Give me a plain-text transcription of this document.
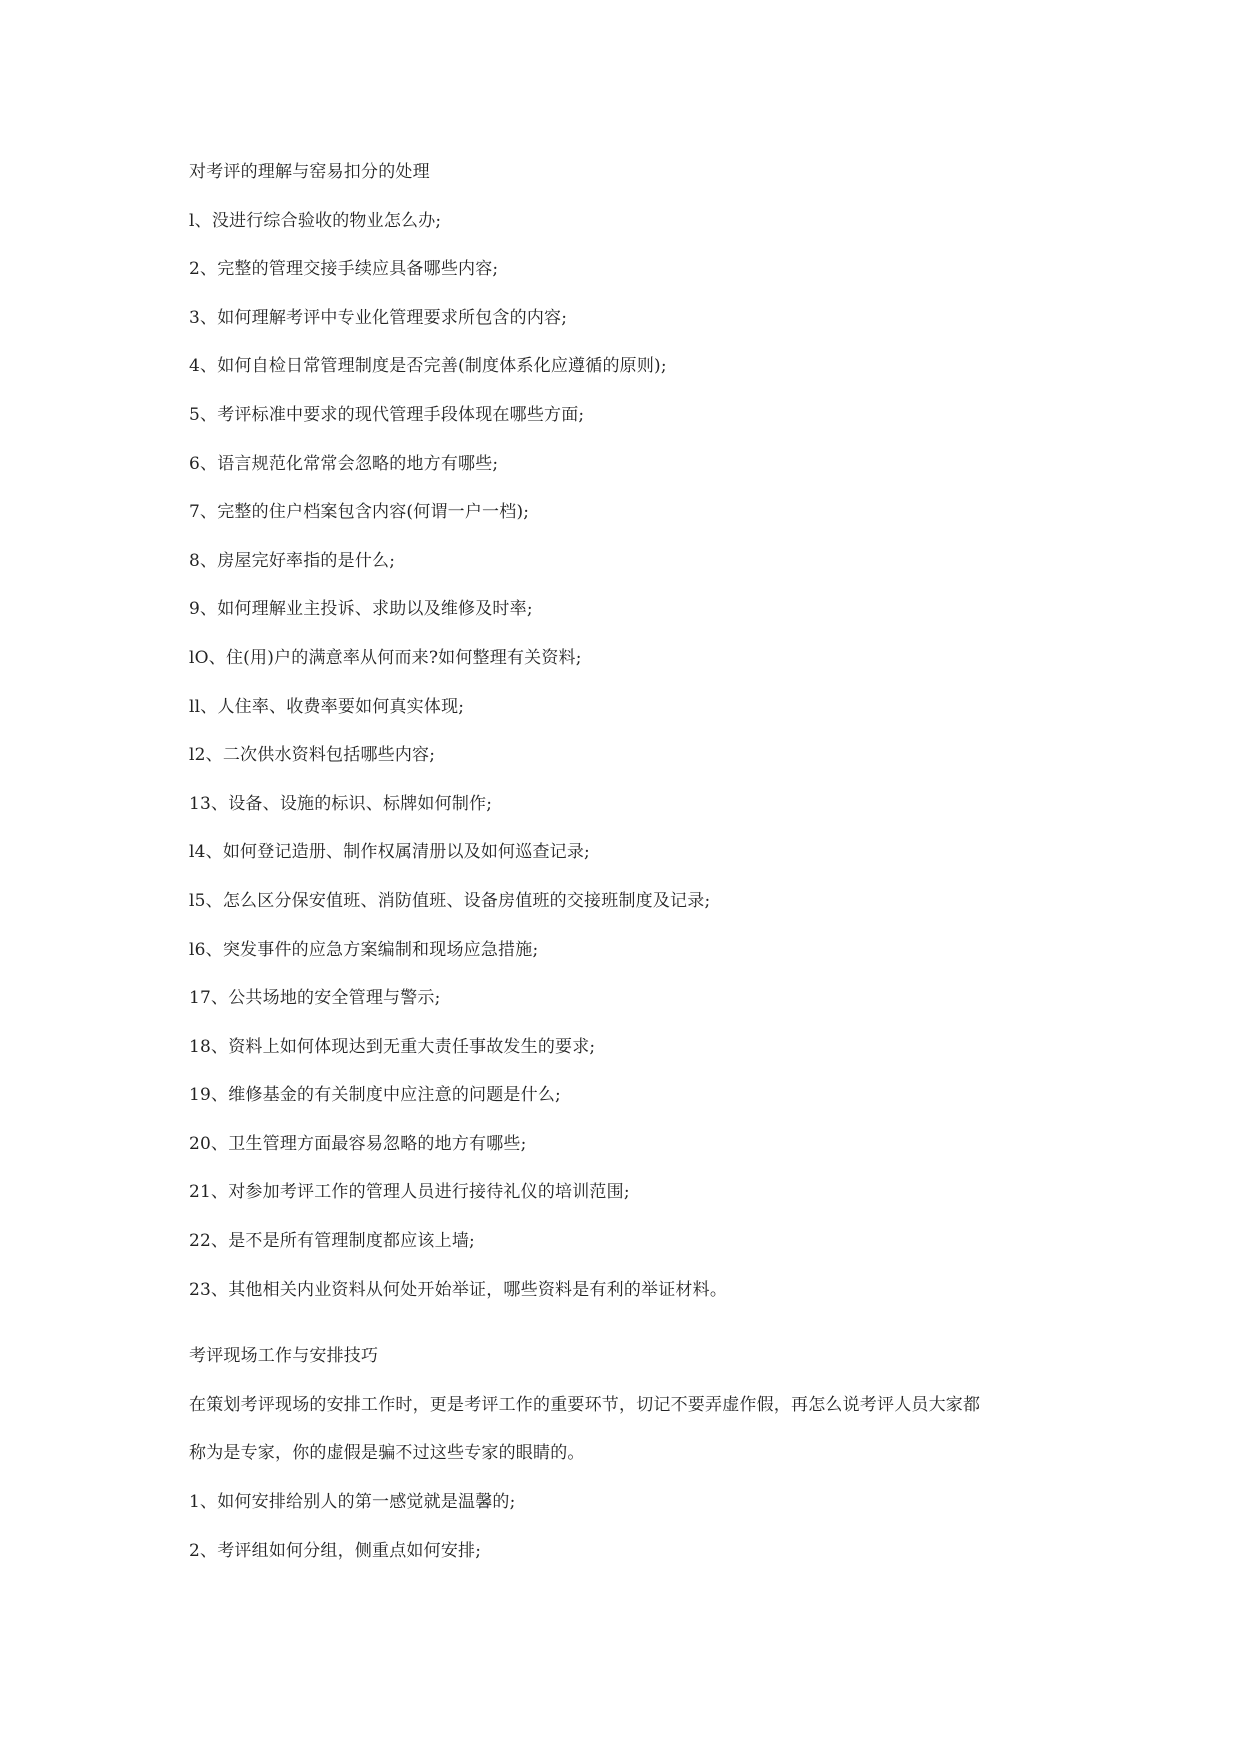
对考评的理解与窑易扣分的处理
l、没进行综合验收的物业怎么办;
2、完整的管理交接手续应具备哪些内容;
3、如何理解考评中专业化管理要求所包含的内容;
4、如何自检日常管理制度是否完善(制度体系化应遵循的原则);
5、考评标准中要求的现代管理手段体现在哪些方面;
6、语言规范化常常会忽略的地方有哪些;
7、完整的住户档案包含内容(何谓一户一档);
8、房屋完好率指的是什么;
9、如何理解业主投诉、求助以及维修及时率;
lO、住(用)户的满意率从何而来?如何整理有关资料;
ll、人住率、收费率要如何真实体现;
l2、二次供水资料包括哪些内容;
13、设备、设施的标识、标牌如何制作;
l4、如何登记造册、制作权属清册以及如何巡查记录;
l5、怎么区分保安值班、消防值班、设备房值班的交接班制度及记录;
l6、突发事件的应急方案编制和现场应急措施;
17、公共场地的安全管理与警示;
18、资料上如何体现达到无重大责任事故发生的要求;
19、维修基金的有关制度中应注意的问题是什么;
20、卫生管理方面最容易忽略的地方有哪些;
21、对参加考评工作的管理人员进行接待礼仪的培训范围;
22、是不是所有管理制度都应该上墙;
23、其他相关内业资料从何处开始举证，哪些资料是有利的举证材料。
考评现场工作与安排技巧
在策划考评现场的安排工作时，更是考评工作的重要环节，切记不要弄虚作假，再怎么说考评人员大家都
称为是专家，你的虚假是骗不过这些专家的眼睛的。
1、如何安排给别人的第一感觉就是温馨的;
2、考评组如何分组，侧重点如何安排;
